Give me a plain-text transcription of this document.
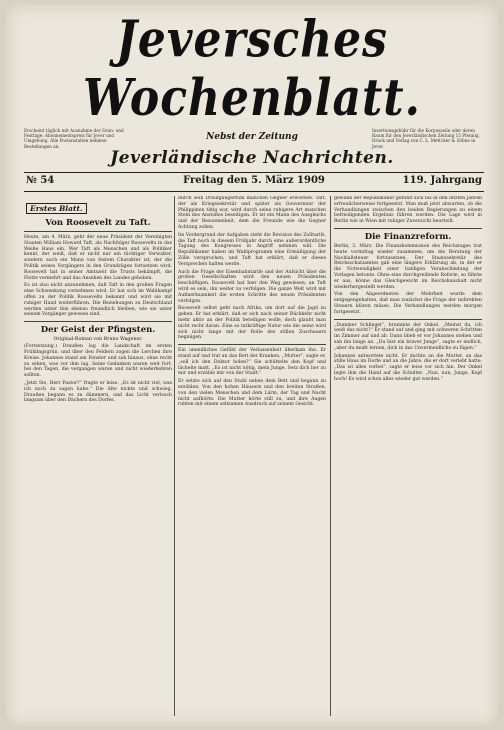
Jeversches Wochenblatt.
Erscheint täglich mit Ausnahme der Sonn- und Festtage. Abonnementspreis für Jever und Umgebung. Alle Postanstalten nehmen Bestellungen an.
Nebst der Zeitung
Insertionsgebühr für die Korpuszeile oder deren Raum für den Jeverländischen Zeitung 15 Pfennig. Druck und Verlag von C. L. Mettcker & Söhne in Jever.
Jeverländische Nachrichten.
№ 54	Freitag den 5. März 1909	119. Jahrgang
Erstes Blatt.
Von Roosevelt zu Taft.

Heute, am 4. März, geht der neue Präsident der Vereinigten Staaten William Howard Taft, als Nachfolger Roosevelts in das Weiße Haus ein. Wer Taft als Menschen und als Politiker kennt, der weiß, daß er nicht nur ein tüchtiger Verwalter, sondern auch ein Mann von festem Charakter ist, der die Politik seines Vorgängers in den Grundzügen fortsetzen wird. Roosevelt hat in seiner Amtszeit die Trusts bekämpft, die Flotte vermehrt und das Ansehen des Landes gehoben.

Es ist also nicht anzunehmen, daß Taft in den großen Fragen eine Schwenkung vornehmen wird. Er hat sich im Wahlkampf offen zu der Politik Roosevelts bekannt und wird sie mit ruhiger Hand weiterführen. Die Beziehungen zu Deutschland werden unter ihm ebenso freundlich bleiben, wie sie unter seinem Vorgänger gewesen sind.

Der Geist der Pfingsten.
Original-Roman von Bruno Wagener.

(Fortsetzung.) Draußen lag die Landschaft im ersten Frühlingsgrün, und über den Feldern zogen die Lerchen ihre Kreise. Johannes stand am Fenster und sah hinaus, ohne recht zu sehen, was vor ihm lag. Seine Gedanken waren weit fort, bei den Tagen, die vergangen waren und nicht wiederkehren sollten.

„Jetzt Sie, Herr Pastor?“ fragte er leise. „Es ist nicht viel, was ich noch zu sagen habe.“ Die Alte nickte und schwieg. Draußen begann es zu dämmern, und das Licht verlosch langsam über den Dächern des Dorfes.

durch sein Draufgängertum manchen Gegner erworben. Taft, der als Kriegssekretär und später als Gouverneur der Philippinen tätig war, wird durch seine ruhigere Art manchen Stein des Anstoßes beseitigen. Er ist ein Mann des Ausgleichs und der Besonnenheit, dem die Freunde wie die Gegner Achtung zollen.

Im Vordergrund der Aufgaben steht die Revision des Zolltarifs, die Taft noch in diesem Frühjahr durch eine außerordentliche Tagung des Kongresses in Angriff nehmen will. Die Republikaner haben im Wahlprogramm eine Ermäßigung der Zölle versprochen, und Taft hat erklärt, daß er dieses Versprechen halten werde.

Auch die Frage der Eisenbahntarife und der Aufsicht über die großen Gesellschaften wird den neuen Präsidenten beschäftigen. Roosevelt hat hier den Weg gewiesen; an Taft wird es sein, ihn weiter zu verfolgen. Die ganze Welt wird mit Aufmerksamkeit die ersten Schritte des neuen Präsidenten verfolgen.

Roosevelt selbst geht nach Afrika, um dort auf die Jagd zu gehen. Er hat erklärt, daß er sich nach seiner Rückkehr nicht mehr aktiv an der Politik beteiligen wolle, doch glaubt man nicht recht daran. Eine so tatkräftige Natur wie die seine wird sich nicht lange mit der Rolle des stillen Zuschauers begnügen.

Ein unendliches Gefühl der Verlassenheit überkam ihn. Er stand auf und trat an das Bett der Kranken. „Mutter“, sagte er, „soll ich den Doktor holen?“ Sie schüttelte den Kopf und lächelte matt. „Es ist nicht nötig, mein Junge. Setz dich her zu mir und erzähle mir von der Stadt.“

Er setzte sich auf den Stuhl neben dem Bett und begann zu erzählen. Von den hohen Häusern und den breiten Straßen, von den vielen Menschen und dem Lärm, der Tag und Nacht nicht aufhörte. Die Mutter hörte still zu, und ihre Augen ruhten mit einem seltsamen Ausdruck auf seinem Gesicht.

gewann der Republikaner gefühlt sich bis in den letzten Jahren erfreulicherweise fortgesetzt. Man muß jetzt abwarten, ob die Verhandlungen zwischen den beiden Regierungen zu einem befriedigenden Ergebnis führen werden. Die Lage wird in Berlin wie in Wien mit ruhiger Zuversicht beurteilt.

Die Finanzreform.

Berlin, 3. März. Die Finanzkommission des Reichstages trat heute vormittag wieder zusammen, um die Beratung der Nachlaßsteuer fortzusetzen. Der Staatssekretär des Reichsschatzamtes gab eine längere Erklärung ab, in der er die Notwendigkeit einer baldigen Verabschiedung der Vorlagen betonte. Ohne eine durchgreifende Reform, so führte er aus, könne das Gleichgewicht im Reichshaushalt nicht wiederhergestellt werden.

Von den Abgeordneten der Mehrheit wurde dem entgegengehalten, daß man zunächst die Frage der indirekten Steuern klären müsse. Die Verhandlungen werden morgen fortgesetzt.

„Dummer Schlingel“, brummte der Onkel. „Meinst du, ich weiß das nicht?“ Er stand auf und ging mit schweren Schritten im Zimmer auf und ab. Dann blieb er vor Johannes stehen und sah ihn lange an. „Du bist ein braver Junge“, sagte er endlich, „aber du mußt lernen, dich in das Unvermeidliche zu fügen.“

Johannes antwortete nicht. Er dachte an die Mutter, an das stille Haus im Dorfe und an die Jahre, die er dort verlebt hatte. „Das ist alles vorbei“, sagte er leise vor sich hin. Der Onkel legte ihm die Hand auf die Schulter. „Nun, nun, Junge, Kopf hoch! Es wird schon alles wieder gut werden.“
